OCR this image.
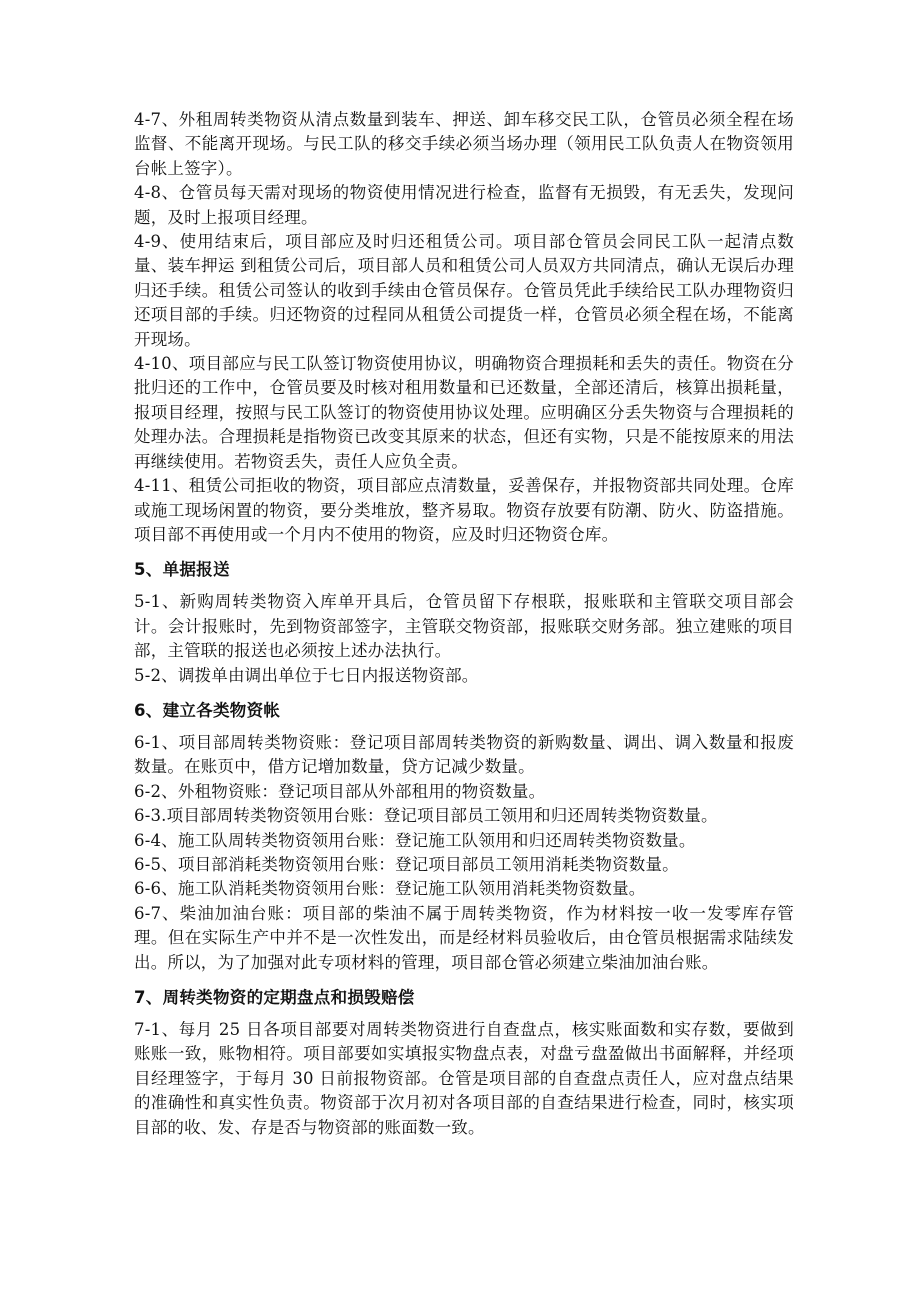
4-7、外租周转类物资从清点数量到装车、押送、卸车移交民工队，仓管员必须全程在场监督、不能离开现场。与民工队的移交手续必须当场办理（领用民工队负责人在物资领用台帐上签字）。

4-8、仓管员每天需对现场的物资使用情况进行检查，监督有无损毁，有无丢失，发现问题，及时上报项目经理。

4-9、使用结束后，项目部应及时归还租赁公司。项目部仓管员会同民工队一起清点数量、装车押运 到租赁公司后，项目部人员和租赁公司人员双方共同清点，确认无误后办理归还手续。租赁公司签认的收到手续由仓管员保存。仓管员凭此手续给民工队办理物资归还项目部的手续。归还物资的过程同从租赁公司提货一样，仓管员必须全程在场，不能离开现场。

4-10、项目部应与民工队签订物资使用协议，明确物资合理损耗和丢失的责任。物资在分批归还的工作中，仓管员要及时核对租用数量和已还数量，全部还清后，核算出损耗量，报项目经理，按照与民工队签订的物资使用协议处理。应明确区分丢失物资与合理损耗的处理办法。合理损耗是指物资已改变其原来的状态，但还有实物，只是不能按原来的用法再继续使用。若物资丢失，责任人应负全责。

4-11、租赁公司拒收的物资，项目部应点清数量，妥善保存，并报物资部共同处理。仓库或施工现场闲置的物资，要分类堆放，整齐易取。物资存放要有防潮、防火、防盗措施。项目部不再使用或一个月内不使用的物资，应及时归还物资仓库。

5、单据报送

5-1、新购周转类物资入库单开具后，仓管员留下存根联，报账联和主管联交项目部会计。会计报账时，先到物资部签字，主管联交物资部，报账联交财务部。独立建账的项目部，主管联的报送也必须按上述办法执行。

5-2、调拨单由调出单位于七日内报送物资部。

6、建立各类物资帐

6-1、项目部周转类物资账：登记项目部周转类物资的新购数量、调出、调入数量和报废数量。在账页中，借方记增加数量，贷方记减少数量。

6-2、外租物资账：登记项目部从外部租用的物资数量。

6-3.项目部周转类物资领用台账：登记项目部员工领用和归还周转类物资数量。

6-4、施工队周转类物资领用台账：登记施工队领用和归还周转类物资数量。

6-5、项目部消耗类物资领用台账：登记项目部员工领用消耗类物资数量。

6-6、施工队消耗类物资领用台账：登记施工队领用消耗类物资数量。

6-7、柴油加油台账：项目部的柴油不属于周转类物资，作为材料按一收一发零库存管理。但在实际生产中并不是一次性发出，而是经材料员验收后，由仓管员根据需求陆续发出。所以，为了加强对此专项材料的管理，项目部仓管必须建立柴油加油台账。

7、周转类物资的定期盘点和损毁赔偿

7-1、每月 25 日各项目部要对周转类物资进行自查盘点，核实账面数和实存数，要做到账账一致，账物相符。项目部要如实填报实物盘点表，对盘亏盘盈做出书面解释，并经项目经理签字，于每月 30 日前报物资部。仓管是项目部的自查盘点责任人，应对盘点结果的准确性和真实性负责。物资部于次月初对各项目部的自查结果进行检查，同时，核实项目部的收、发、存是否与物资部的账面数一致。
